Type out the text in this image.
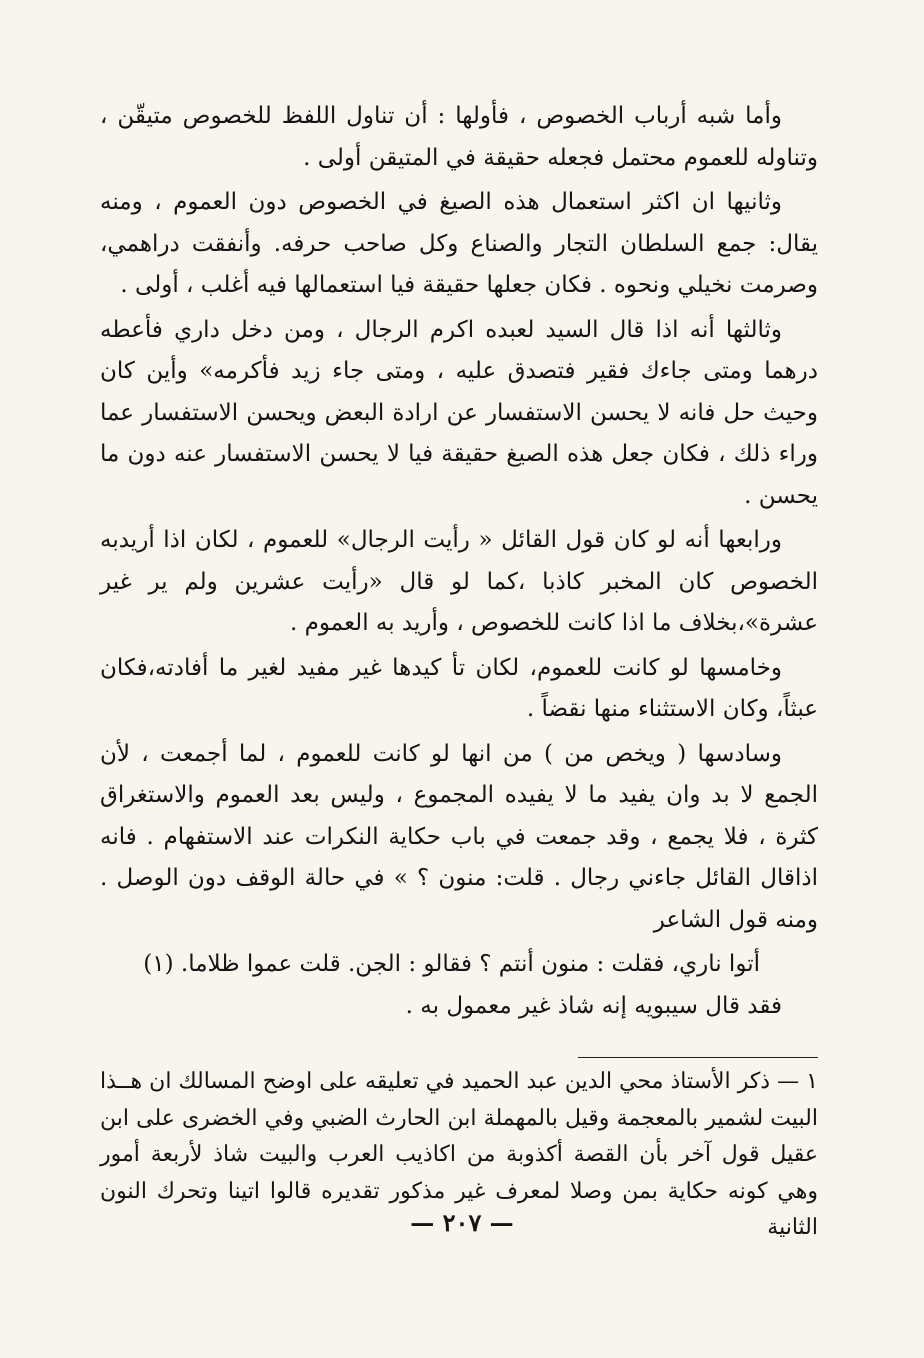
وأما شبه أرباب الخصوص ، فأولها : أن تناول اللفظ للخصوص متيقّن ، وتناوله للعموم محتمل فجعله حقيقة في المتيقن أولى .

وثانيها ان اكثر استعمال هذه الصيغ في الخصوص دون العموم ، ومنه يقال: جمع السلطان التجار والصناع وكل صاحب حرفه. وأنفقت دراهمي، وصرمت نخيلي ونحوه . فكان جعلها حقيقة فيا استعمالها فيه أغلب ، أولى .

وثالثها أنه اذا قال السيد لعبده اكرم الرجال ، ومن دخل داري فأعطه درهما ومتى جاءك فقير فتصدق عليه ، ومتى جاء زيد فأكرمه» وأين كان وحيث حل فانه لا يحسن الاستفسار عن ارادة البعض ويحسن الاستفسار عما وراء ذلك ، فكان جعل هذه الصيغ حقيقة فيا لا يحسن الاستفسار عنه دون ما يحسن .

ورابعها أنه لو كان قول القائل « رأيت الرجال» للعموم ، لكان اذا أريدبه الخصوص كان المخبر كاذبا ،كما لو قال «رأيت عشرين ولم ير غير عشرة»،بخلاف ما اذا كانت للخصوص ، وأريد به العموم .

وخامسها لو كانت للعموم، لكان تأ كيدها غير مفيد لغير ما أفادته،فكان عبثاً، وكان الاستثناء منها نقضاً .

وسادسها ( ويخص من ) من انها لو كانت للعموم ، لما أجمعت ، لأن الجمع لا بد وان يفيد ما لا يفيده المجموع ، وليس بعد العموم والاستغراق كثرة ، فلا يجمع ، وقد جمعت في باب حكاية النكرات عند الاستفهام . فانه اذاقال القائل جاءني رجال . قلت: منون ؟ » في حالة الوقف دون الوصل . ومنه قول الشاعر

أتوا ناري، فقلت : منون أنتم ؟ فقالو : الجن. قلت عموا ظلاما. (١)

فقد قال سيبويه إنه شاذ غير معمول به .

١ — ذكر الأستاذ محي الدين عبد الحميد في تعليقه على اوضح المسالك ان هــذا البيت لشمير بالمعجمة وقيل بالمهملة ابن الحارث الضبي وفي الخضرى على ابن عقيل قول آخر بأن القصة أكذوبة من اكاذيب العرب والبيت شاذ لأربعة أمور وهي كونه حكاية بمن وصلا لمعرف غير مذكور تقديره قالوا اتينا وتحرك النون الثانية

— ٢٠٧ —
